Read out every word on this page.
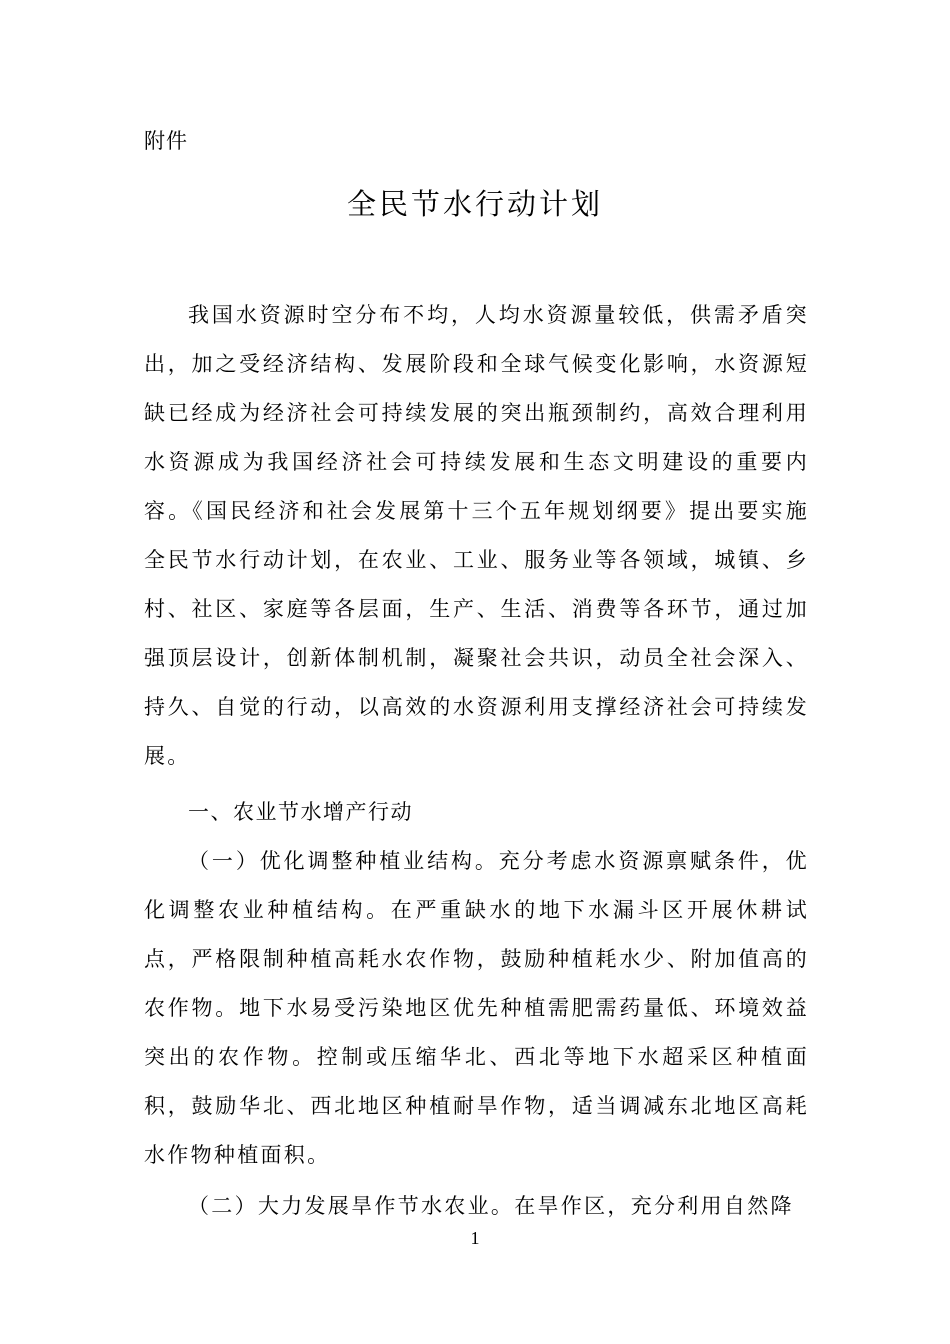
附件
全民节水行动计划

我国水资源时空分布不均，人均水资源量较低，供需矛盾突出，加之受经济结构、发展阶段和全球气候变化影响，水资源短缺已经成为经济社会可持续发展的突出瓶颈制约，高效合理利用水资源成为我国经济社会可持续发展和生态文明建设的重要内容。《国民经济和社会发展第十三个五年规划纲要》提出要实施全民节水行动计划，在农业、工业、服务业等各领域，城镇、乡村、社区、家庭等各层面，生产、生活、消费等各环节，通过加强顶层设计，创新体制机制，凝聚社会共识，动员全社会深入、持久、自觉的行动，以高效的水资源利用支撑经济社会可持续发展。

一、农业节水增产行动

（一）优化调整种植业结构。充分考虑水资源禀赋条件，优化调整农业种植结构。在严重缺水的地下水漏斗区开展休耕试点，严格限制种植高耗水农作物，鼓励种植耗水少、附加值高的农作物。地下水易受污染地区优先种植需肥需药量低、环境效益突出的农作物。控制或压缩华北、西北等地下水超采区种植面积，鼓励华北、西北地区种植耐旱作物，适当调减东北地区高耗水作物种植面积。

（二）大力发展旱作节水农业。在旱作区，充分利用自然降

1
